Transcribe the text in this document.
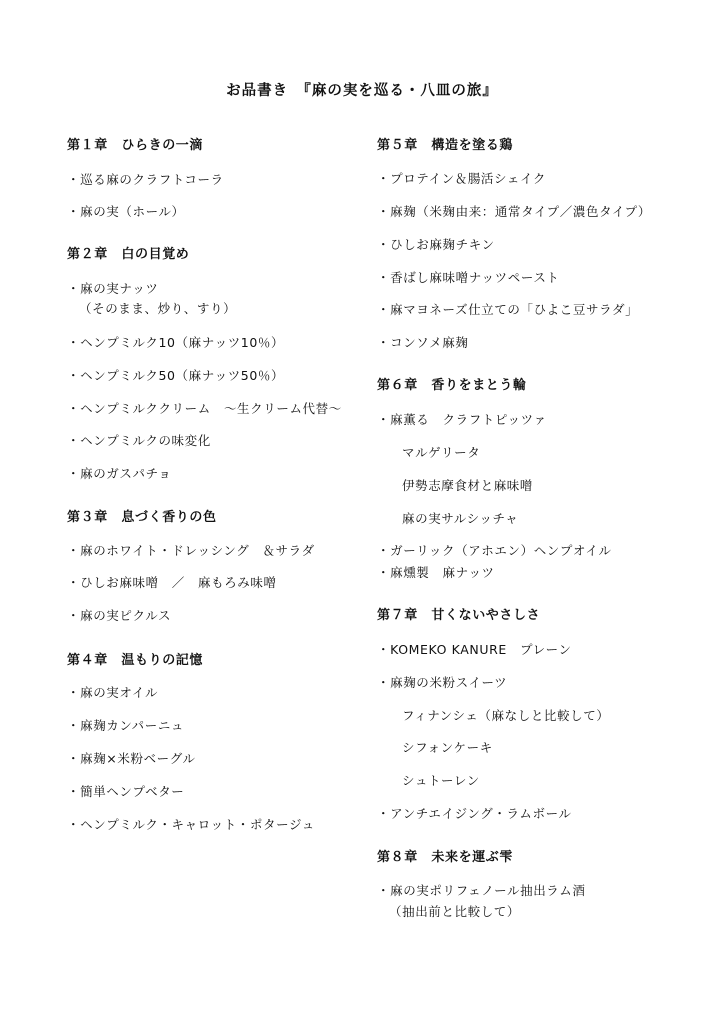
お品書き　『麻の実を巡る・八皿の旅』
第１章　ひらきの一滴
・巡る麻のクラフトコーラ
・麻の実（ホール）
第２章　白の目覚め
・麻の実ナッツ
（そのまま、炒り、すり）
・ヘンプミルク10（麻ナッツ10％）
・ヘンプミルク50（麻ナッツ50％）
・ヘンプミルククリーム　〜生クリーム代替〜
・ヘンプミルクの味変化
・麻のガスパチョ
第３章　息づく香りの色
・麻のホワイト・ドレッシング　＆サラダ
・ひしお麻味噌　／　麻もろみ味噌
・麻の実ピクルス
第４章　温もりの記憶
・麻の実オイル
・麻麹カンパーニュ
・麻麹×米粉ベーグル
・簡単ヘンプベター
・ヘンプミルク・キャロット・ポタージュ
第５章　構造を塗る鶏
・プロテイン＆腸活シェイク
・麻麹（米麹由来：通常タイプ／濃色タイプ）
・ひしお麻麹チキン
・香ばし麻味噌ナッツペースト
・麻マヨネーズ仕立ての「ひよこ豆サラダ」
・コンソメ麻麹
第６章　香りをまとう輪
・麻薫る　クラフトピッツァ
マルゲリータ
伊勢志摩食材と麻味噌
麻の実サルシッチャ
・ガーリック（アホエン）ヘンプオイル
・麻燻製　麻ナッツ
第７章　甘くないやさしさ
・KOMEKO KANURE　プレーン
・麻麹の米粉スイーツ
フィナンシェ（麻なしと比較して）
シフォンケーキ
シュトーレン
・アンチエイジング・ラムボール
第８章　未来を運ぶ雫
・麻の実ポリフェノール抽出ラム酒
（抽出前と比較して）
